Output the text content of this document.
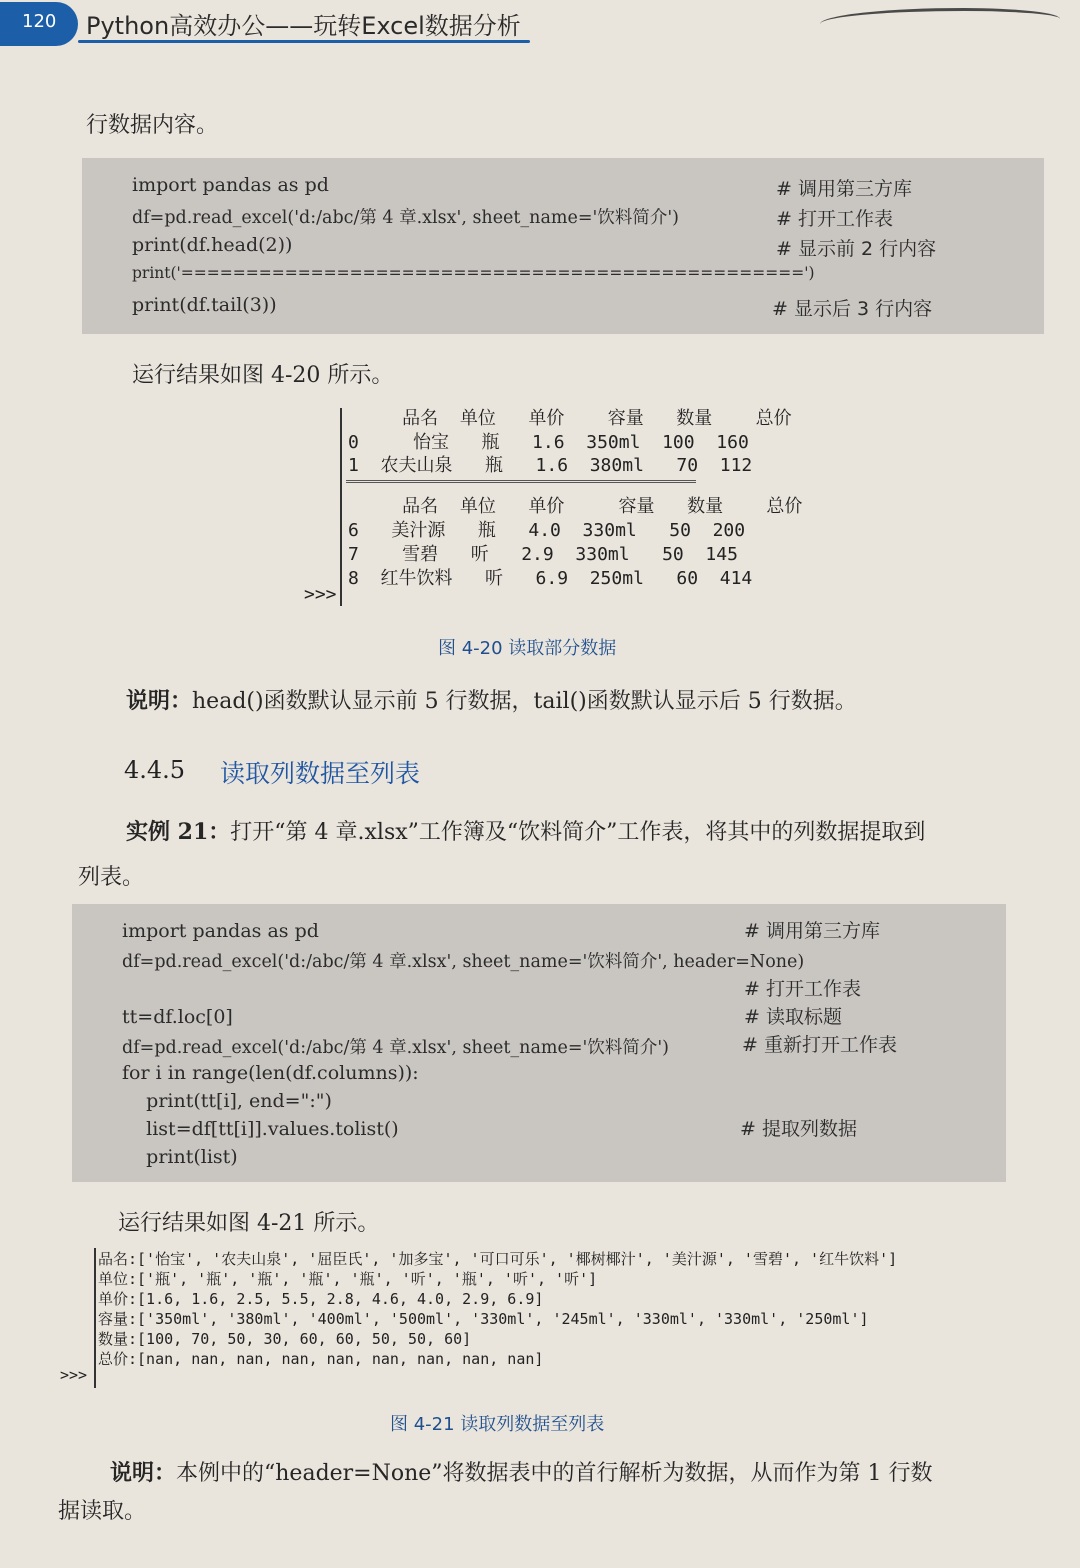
120	Python高效办公——玩转Excel数据分析
行数据内容。
import pandas as pd	# 调用第三方库
df=pd.read_excel('d:/abc/第 4 章.xlsx', sheet_name='饮料简介')	# 打开工作表
print(df.head(2))	# 显示前 2 行内容
print('================================================')
print(df.tail(3))	# 显示后 3 行内容
运行结果如图 4-20 所示。
品名  单位   单价    容量   数量    总价
0     怡宝   瓶   1.6  350ml  100  160
1  农夫山泉   瓶   1.6  380ml   70  112
品名  单位   单价     容量   数量    总价
6   美汁源   瓶   4.0  330ml   50  200
7    雪碧   听   2.9  330ml   50  145
8  红牛饮料   听   6.9  250ml   60  414
>>>
图 4-20 读取部分数据
说明：head()函数默认显示前 5 行数据，tail()函数默认显示后 5 行数据。
4.4.5 读取列数据至列表
实例 21：打开“第 4 章.xlsx”工作簿及“饮料简介”工作表，将其中的列数据提取到
列表。
import pandas as pd	# 调用第三方库
df=pd.read_excel('d:/abc/第 4 章.xlsx', sheet_name='饮料简介', header=None)
# 打开工作表
tt=df.loc[0]	# 读取标题
df=pd.read_excel('d:/abc/第 4 章.xlsx', sheet_name='饮料简介')	# 重新打开工作表
for i in range(len(df.columns)):
print(tt[i], end=":")
list=df[tt[i]].values.tolist()	# 提取列数据
print(list)
运行结果如图 4-21 所示。
品名:['怡宝', '农夫山泉', '屈臣氏', '加多宝', '可口可乐', '椰树椰汁', '美汁源', '雪碧', '红牛饮料']
单位:['瓶', '瓶', '瓶', '瓶', '瓶', '听', '瓶', '听', '听']
单价:[1.6, 1.6, 2.5, 5.5, 2.8, 4.6, 4.0, 2.9, 6.9]
容量:['350ml', '380ml', '400ml', '500ml', '330ml', '245ml', '330ml', '330ml', '250ml']
数量:[100, 70, 50, 30, 60, 60, 50, 50, 60]
总价:[nan, nan, nan, nan, nan, nan, nan, nan, nan]
>>>
图 4-21 读取列数据至列表
说明：本例中的“header=None”将数据表中的首行解析为数据，从而作为第 1 行数
据读取。
